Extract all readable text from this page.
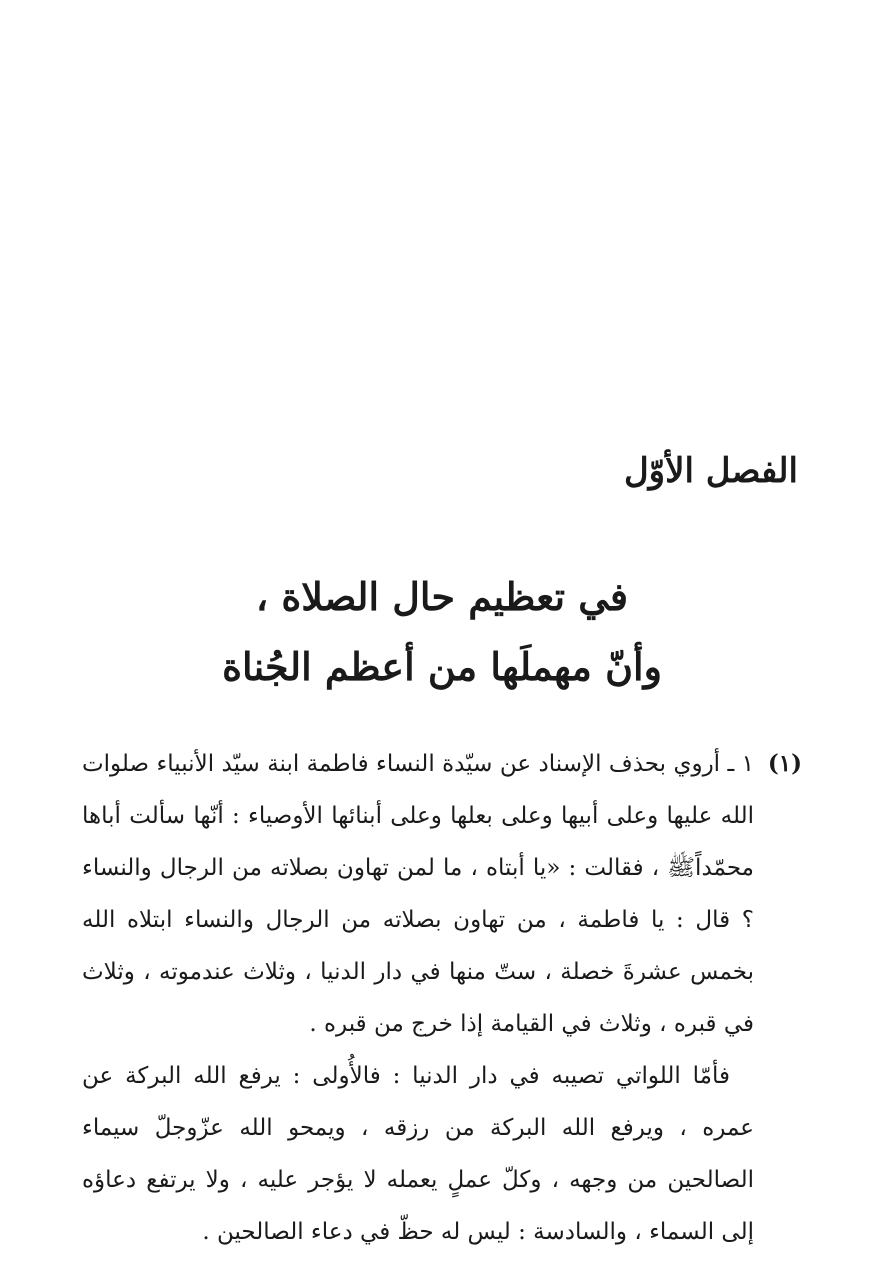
الفصل الأوّل
في تعظيم حال الصلاة ،
وأنّ مهملَها من أعظم الجُناة
(١)

١ ـ أروي بحذف الإسناد عن سيّدة النساء فاطمة ابنة سيّد الأنبياء صلوات الله عليها وعلى أبيها وعلى بعلها وعلى أبنائها الأوصياء : أنّها سألت أباها محمّداًﷺ ، فقالت : «يا أبتاه ، ما لمن تهاون بصلاته من الرجال والنساء ؟ قال : يا فاطمة ، من تهاون بصلاته من الرجال والنساء ابتلاه الله بخمس عشرةَ خصلة ، ستّ منها في دار الدنيا ، وثلاث عندموته ، وثلاث في قبره ، وثلاث في القيامة إذا خرج من قبره .

فأمّا اللواتي تصيبه في دار الدنيا : فالأُولى : يرفع الله البركة عن عمره ، ويرفع الله البركة من رزقه ، ويمحو الله عزّوجلّ سيماء الصالحين من وجهه ، وكلّ عملٍ يعمله لا يؤجر عليه ، ولا يرتفع دعاؤه إلى السماء ، والسادسة : ليس له حظّ في دعاء الصالحين .
